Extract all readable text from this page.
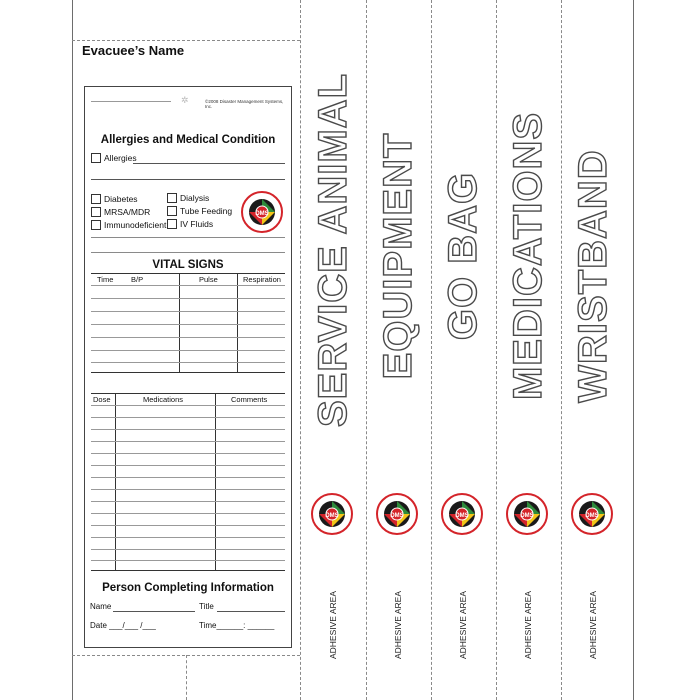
Evacuee’s Name
✲	©2008 Disaster Management Systems, Inc.
Allergies and Medical Condition
Allergies
Diabetes
MRSA/MDR
Immunodeficient
Dialysis
Tube Feeding
IV Fluids
DMS
VITAL SIGNS
Time B/P	Pulse	Respiration
Dose	Medications	Comments
Person Completing Information
Name	Title
Date ___/___ /___	Time______: ______
SERVICE ANIMAL
DMS
ADHESIVE AREA
EQUIPMENT
DMS
ADHESIVE AREA
GO BAG
DMS
ADHESIVE AREA
MEDICATIONS
DMS
ADHESIVE AREA
WRISTBAND
DMS
ADHESIVE AREA
